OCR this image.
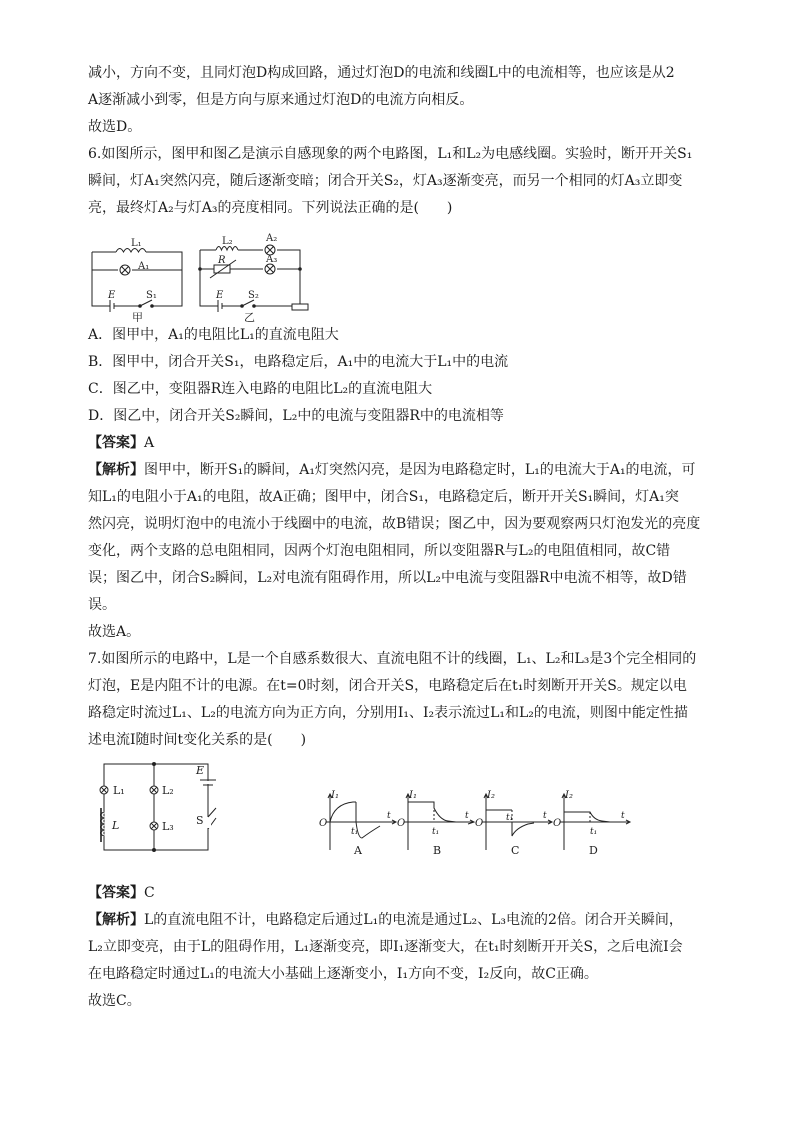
减小，方向不变，且同灯泡D构成回路，通过灯泡D的电流和线圈L中的电流相等，也应该是从2

A逐渐减小到零，但是方向与原来通过灯泡D的电流方向相反。

故选D。

6.如图所示，图甲和图乙是演示自感现象的两个电路图，L₁和L₂为电感线圈。实验时，断开开关S₁

瞬间，灯A₁突然闪亮，随后逐渐变暗；闭合开关S₂，灯A₃逐渐变亮，而另一个相同的灯A₃立即变

亮，最终灯A₂与灯A₃的亮度相同。下列说法正确的是(　　)

L₁
A₁
E	S₁
甲
L₂	A₂
R	A₃
E S₂
乙

A．图甲中，A₁的电阻比L₁的直流电阻大

B．图甲中，闭合开关S₁，电路稳定后，A₁中的电流大于L₁中的电流

C．图乙中，变阻器R连入电路的电阻比L₂的直流电阻大

D．图乙中，闭合开关S₂瞬间，L₂中的电流与变阻器R中的电流相等

【答案】A

【解析】图甲中，断开S₁的瞬间，A₁灯突然闪亮，是因为电路稳定时，L₁的电流大于A₁的电流，可

知L₁的电阻小于A₁的电阻，故A正确；图甲中，闭合S₁，电路稳定后，断开开关S₁瞬间，灯A₁突

然闪亮，说明灯泡中的电流小于线圈中的电流，故B错误；图乙中，因为要观察两只灯泡发光的亮度

变化，两个支路的总电阻相同，因两个灯泡电阻相同，所以变阻器R与L₂的电阻值相同，故C错

误；图乙中，闭合S₂瞬间，L₂对电流有阻碍作用，所以L₂中电流与变阻器R中电流不相等，故D错

误。

故选A。

7.如图所示的电路中，L是一个自感系数很大、直流电阻不计的线圈，L₁、L₂和L₃是3个完全相同的

灯泡，E是内阻不计的电源。在t=0时刻，闭合开关S，电路稳定后在t₁时刻断开开关S。规定以电

路稳定时流过L₁、L₂的电流方向为正方向，分别用I₁、I₂表示流过L₁和L₂的电流，则图中能定性描

述电流I随时间t变化关系的是(　　)

L₁	L₂
L₃
L
E
S
I₁
O
t₁
t
A
I₁
O
t₁
t
B
I₂
O	t₁	t
C
I₂
O
t₁
t
D

【答案】C

【解析】L的直流电阻不计，电路稳定后通过L₁的电流是通过L₂、L₃电流的2倍。闭合开关瞬间，

L₂立即变亮，由于L的阻碍作用，L₁逐渐变亮，即I₁逐渐变大，在t₁时刻断开开关S，之后电流I会

在电路稳定时通过L₁的电流大小基础上逐渐变小，I₁方向不变，I₂反向，故C正确。

故选C。
